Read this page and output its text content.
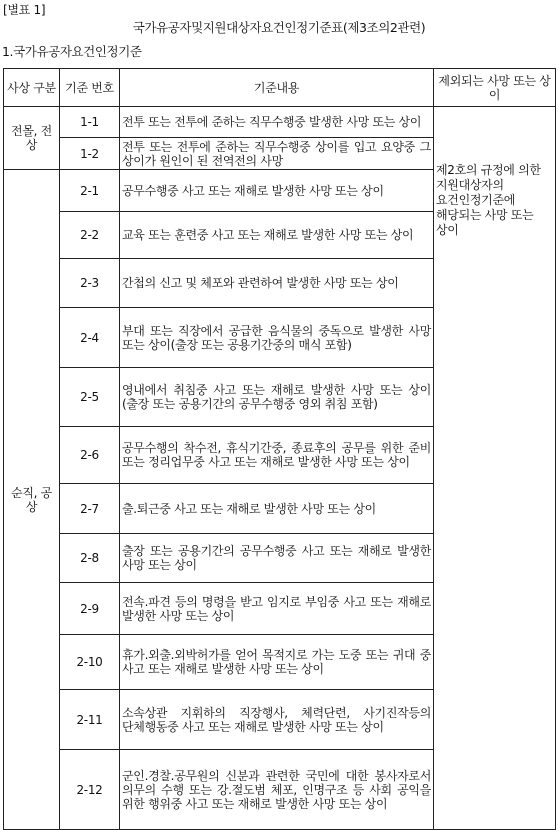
[별표 1]
국가유공자및지원대상자요건인정기준표(제3조의2관련)
1.국가유공자요건인정기준
사상 구분	기준 번호	기준내용	제외되는 사망 또는 상이
전몰, 전상	1-1	전투 또는 전투에 준하는 직무수행중 발생한 사망 또는 상이	제2호의 규정에 의한 지원대상자의 요건인정기준에 해당되는 사망 또는 상이
	1-2	전투 또는 전투에 준하는 직무수행중 상이를 입고 요양중 그 상이가 원인이 된 전역전의 사망	
순직, 공상	2-1	공무수행중 사고 또는 재해로 발생한 사망 또는 상이	
	2-2	교육 또는 훈련중 사고 또는 재해로 발생한 사망 또는 상이	
	2-3	간첩의 신고 및 체포와 관련하여 발생한 사망 또는 상이	
	2-4	부대 또는 직장에서 공급한 음식물의 중독으로 발생한 사망 또는 상이(출장 또는 공용기간중의 매식 포함)	
	2-5	영내에서 취침중 사고 또는 재해로 발생한 사망 또는 상이(출장 또는 공용기간의 공무수행중 영외 취침 포함)	
	2-6	공무수행의 착수전, 휴식기간중, 종료후의 공무를 위한 준비 또는 정리업무중 사고 또는 재해로 발생한 사망 또는 상이	
	2-7	출.퇴근중 사고 또는 재해로 발생한 사망 또는 상이	
	2-8	출장 또는 공용기간의 공무수행중 사고 또는 재해로 발생한 사망 또는 상이	
	2-9	전속.파견 등의 명령을 받고 임지로 부임중 사고 또는 재해로 발생한 사망 또는 상이	
	2-10	휴가.외출.외박허가를 얻어 목적지로 가는 도중 또는 귀대 중 사고 또는 재해로 발생한 사망 또는 상이	
	2-11	소속상관 지휘하의 직장행사, 체력단련, 사기진작등의 단체행동중 사고 또는 재해로 발생한 사망 또는 상이	
	2-12	군인.경찰.공무원의 신분과 관련한 국민에 대한 봉사자로서 의무의 수행 또는 강.절도범 체포, 인명구조 등 사회 공익을 위한 행위중 사고 또는 재해로 발생한 사망 또는 상이	
